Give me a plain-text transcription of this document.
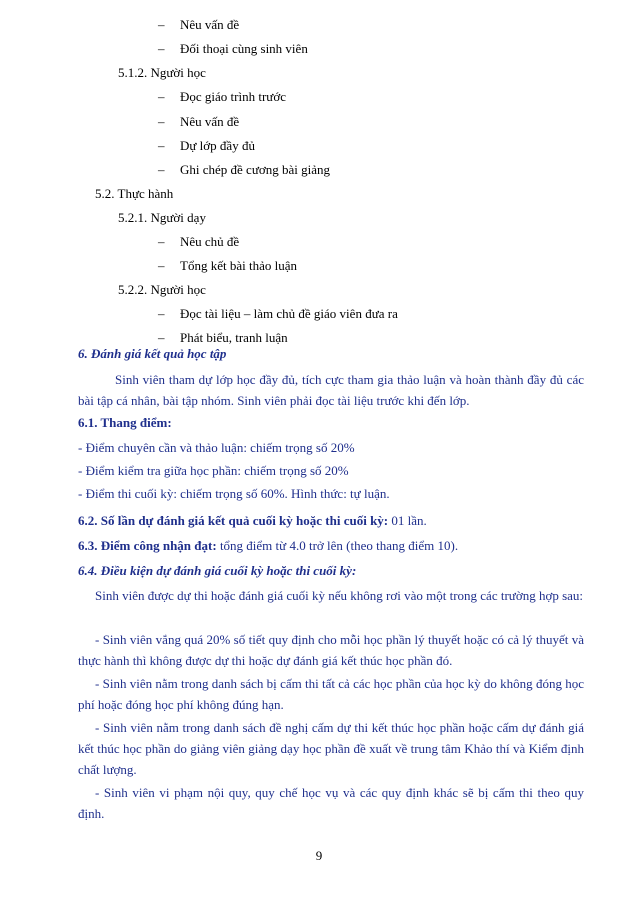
– Nêu vấn đề
– Đối thoại cùng sinh viên
5.1.2. Người học
– Đọc giáo trình trước
– Nêu vấn đề
– Dự lớp đầy đủ
– Ghi chép đề cương bài giảng
5.2. Thực hành
5.2.1. Người dạy
– Nêu chủ đề
– Tổng kết bài thảo luận
5.2.2. Người học
– Đọc tài liệu – làm chủ đề giáo viên đưa ra
– Phát biểu, tranh luận
6. Đánh giá kết quả học tập
Sinh viên tham dự lớp học đầy đủ, tích cực tham gia thảo luận và hoàn thành đầy đủ các bài tập cá nhân, bài tập nhóm. Sinh viên phải đọc tài liệu trước khi đến lớp.
6.1. Thang điểm:
- Điểm chuyên cần và thảo luận: chiếm trọng số 20%
- Điểm kiểm tra giữa học phần: chiếm trọng số 20%
- Điểm thi cuối kỳ: chiếm trọng số 60%. Hình thức: tự luận.
6.2. Số lần dự đánh giá kết quả cuối kỳ hoặc thi cuối kỳ: 01 lần.
6.3. Điểm công nhận đạt: tổng điểm từ 4.0 trở lên (theo thang điểm 10).
6.4. Điều kiện dự đánh giá cuối kỳ hoặc thi cuối kỳ:
Sinh viên được dự thi hoặc đánh giá cuối kỳ nếu không rơi vào một trong các trường hợp sau:
- Sinh viên vắng quá 20% số tiết quy định cho mỗi học phần lý thuyết hoặc có cả lý thuyết và thực hành thì không được dự thi hoặc dự đánh giá kết thúc học phần đó.
- Sinh viên nằm trong danh sách bị cấm thi tất cả các học phần của học kỳ do không đóng học phí hoặc đóng học phí không đúng hạn.
- Sinh viên nằm trong danh sách đề nghị cấm dự thi kết thúc học phần hoặc cấm dự đánh giá kết thúc học phần do giảng viên giảng dạy học phần đề xuất về trung tâm Khảo thí và Kiểm định chất lượng.
- Sinh viên vi phạm nội quy, quy chế học vụ và các quy định khác sẽ bị cấm thi theo quy định.
9
